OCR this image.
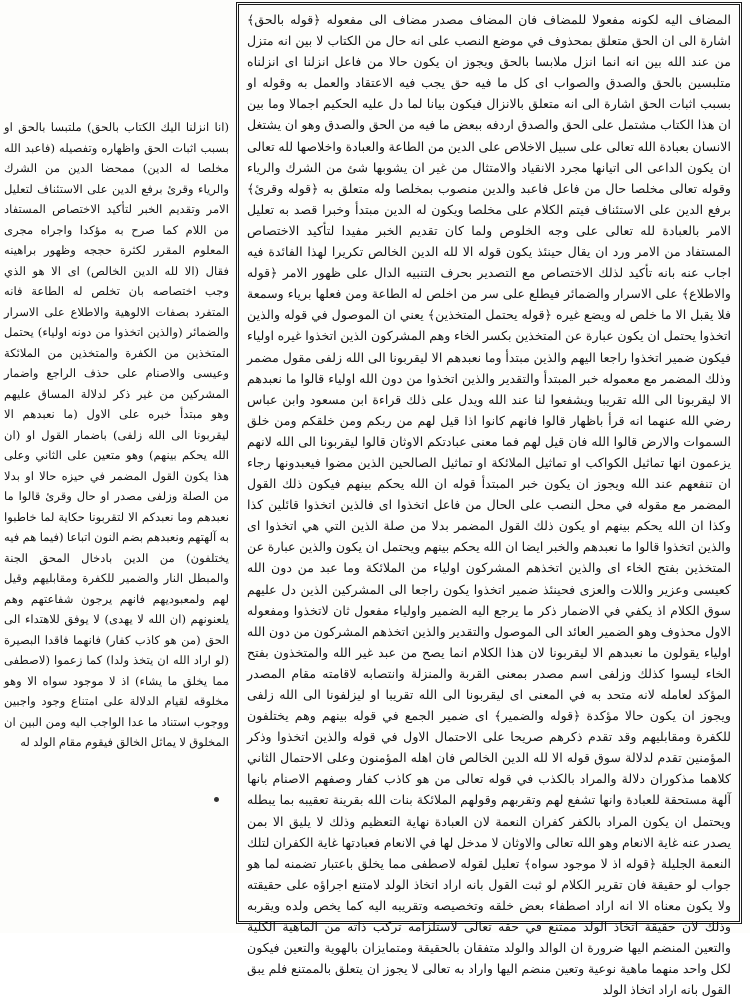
المضاف اليه لكونه مفعولا للمضاف فان المضاف مصدر مضاف الى مفعوله ﴿قوله بالحق﴾ اشارة الى ان الحق متعلق بمحذوف في موضع النصب على انه حال من الكتاب لا بين انه متزل من عند الله بين انه انما انزل ملابسا بالحق ويجوز ان يكون حالا من فاعل انزلنا اى انزلناه متلبسين بالحق والصدق والصواب اى كل ما فيه حق يجب فيه الاعتقاد والعمل به وقوله او بسبب اثبات الحق اشارة الى انه متعلق بالانزال فيكون بيانا لما دل عليه الحكيم اجمالا وما بين ان هذا الكتاب مشتمل على الحق والصدق اردفه ببعض ما فيه من الحق والصدق وهو ان يشتغل الانسان بعبادة الله تعالى على سبيل الاخلاص على الدين من الطاعة والعبادة واخلاصها لله تعالى ان يكون الداعى الى اتيانها مجرد الانقياد والامتثال من غير ان يشوبها شئ من الشرك والرياء وقوله تعالى مخلصا حال من فاعل فاعبد والدين منصوب بمخلصا وله متعلق به ﴿قوله وقرئ﴾ برفع الدين على الاستئناف فيتم الكلام على مخلصا ويكون له الدين مبتدأ وخبرا قصد به تعليل الامر بالعبادة لله تعالى على وجه الخلوص ولما كان تقديم الخبر مفيدا لتأكيد الاختصاص المستفاد من الامر ورد ان يقال حينئذ يكون قوله الا لله الدين الخالص تكريرا لهذا الفائدة فيه اجاب عنه بانه تأكيد لذلك الاختصاص مع التصدير بحرف التنبيه الدال على ظهور الامر ﴿قوله والاطلاع﴾ على الاسرار والضمائر فيطلع على سر من اخلص له الطاعة ومن فعلها برياء وسمعة فلا يقبل الا ما خلص له ويضع غيره ﴿قوله يحتمل المتخذين﴾ يعني ان الموصول في قوله والذين اتخذوا يحتمل ان يكون عبارة عن المتخذين بكسر الخاء وهم المشركون الذين اتخذوا غيره اولياء فيكون ضمير اتخذوا راجعا اليهم والذين مبتدأ وما نعبدهم الا ليقربونا الى الله زلفى مقول مضمر وذلك المضمر مع معموله خبر المبتدأ والتقدير والذين اتخذوا من دون الله اولياء قالوا ما نعبدهم الا ليقربونا الى الله تقريبا ويشفعوا لنا عند الله ويدل على ذلك قراءة ابن مسعود وابن عباس رضي الله عنهما انه قرأ باظهار قالوا فانهم كانوا اذا قيل لهم من ربكم ومن خلقكم ومن خلق السموات والارض قالوا الله فان قيل لهم فما معنى عبادتكم الاوثان قالوا ليقربونا الى الله لانهم يزعمون انها تماثيل الكواكب او تماثيل الملائكة او تماثيل الصالحين الذين مضوا فيعبدونها رجاء ان تنفعهم عند الله ويجوز ان يكون خبر المبتدأ قوله ان الله يحكم بينهم فيكون ذلك القول المضمر مع مقوله في محل النصب على الحال من فاعل اتخذوا اى فالذين اتخذوا قائلين كذا وكذا ان الله يحكم بينهم او يكون ذلك القول المضمر بدلا من صلة الذين التي هي اتخذوا اى والذين اتخذوا قالوا ما نعبدهم والخبر ايضا ان الله يحكم بينهم ويحتمل ان يكون والذين عبارة عن المتخذين بفتح الخاء اى والذين اتخذهم المشركون اولياء من الملائكة وما عبد من دون الله كعيسى وعزير واللات والعزى فحينئذ ضمير اتخذوا يكون راجعا الى المشركين الذين دل عليهم سوق الكلام اذ يكفي في الاضمار ذكر ما يرجع اليه الضمير واولياء مفعول ثان لاتخذوا ومفعوله الاول محذوف وهو الضمير العائد الى الموصول والتقدير والذين اتخذهم المشركون من دون الله اولياء يقولون ما نعبدهم الا ليقربونا لان هذا الكلام انما يصح من عبد غير الله والمتخذون بفتح الخاء ليسوا كذلك وزلفى اسم مصدر بمعنى القربة والمنزلة وانتصابه لاقامته مقام المصدر المؤكد لعامله لانه متحد به في المعنى اى ليقربونا الى الله تقريبا او ليزلفونا الى الله زلفى ويجوز ان يكون حالا مؤكدة ﴿قوله والضمير﴾ اى ضمير الجمع في قوله بينهم وهم يختلفون للكفرة ومقابليهم وقد تقدم ذكرهم صريحا على الاحتمال الاول في قوله والذين اتخذوا وذكر المؤمنين تقدم لدلالة سوق قوله الا لله الدين الخالص فان اهله المؤمنون وعلى الاحتمال الثاني كلاهما مذكوران دلالة والمراد بالكذب في قوله تعالى من هو كاذب كفار وصفهم الاصنام بانها آلهة مستحقة للعبادة وانها تشفع لهم وتقربهم وقولهم الملائكة بنات الله بقرينة تعقيبه بما يبطله ويحتمل ان يكون المراد بالكفر كفران النعمة لان العبادة نهاية التعظيم وذلك لا يليق الا بمن يصدر عنه غاية الانعام وهو الله تعالى والاوثان لا مدخل لها في الانعام فعبادتها غاية الكفران لتلك النعمة الجليلة ﴿قوله اذ لا موجود سواه﴾ تعليل لقوله لاصطفى مما يخلق باعتبار تضمنه لما هو جواب لو حقيقة فان تقرير الكلام لو ثبت القول بانه اراد اتخاذ الولد لامتنع اجراؤه على حقيقته ولا يكون معناه الا انه اراد اصطفاء بعض خلقه وتخصيصه وتقريبه اليه كما يخص ولده ويقربه وذلك لان حقيقة اتخاذ الولد ممتنع في حقه تعالى لاستلزامه تركب ذاته من الماهية الكلية والتعين المنضم اليها ضرورة ان الوالد والولد متفقان بالحقيقة ومتمايزان بالهوية والتعين فيكون لكل واحد منهما ماهية نوعية وتعين منضم اليها واراد به تعالى لا يجوز ان يتعلق بالممتنع فلم يبق القول بانه اراد اتخاذ الولد

(انا انزلنا اليك الكتاب بالحق) ملتبسا بالحق او بسبب اثبات الحق واظهاره وتفصيله (فاعبد الله مخلصا له الدين) ممحضا الدين من الشرك والرياء وقرئ برفع الدين على الاستئناف لتعليل الامر وتقديم الخبر لتأكيد الاختصاص المستفاد من اللام كما صرح به مؤكدا واجراه مجرى المعلوم المقرر لكثرة حججه وظهور براهينه فقال (الا لله الدين الخالص) اى الا هو الذي وجب اختصاصه بان تخلص له الطاعة فانه المتفرد بصفات الالوهية والاطلاع على الاسرار والضمائر (والذين اتخذوا من دونه اولياء) يحتمل المتخذين من الكفرة والمتخذين من الملائكة وعيسى والاصنام على حذف الراجع واضمار المشركين من غير ذكر لدلالة المساق عليهم وهو مبتدأ خبره على الاول (ما نعبدهم الا ليقربونا الى الله زلفى) باضمار القول او (ان الله يحكم بينهم) وهو متعين على الثاني وعلى هذا يكون القول المضمر في حيزه حالا او بدلا من الصلة وزلفى مصدر او حال وقرئ قالوا ما نعبدهم وما نعبدكم الا لتقربونا حكاية لما خاطبوا به آلهتهم ونعبدهم بضم النون اتباعا (فيما هم فيه يختلفون) من الدين بادخال المحق الجنة والمبطل النار والضمير للكفرة ومقابليهم وقيل لهم ولمعبوديهم فانهم يرجون شفاعتهم وهم يلعنونهم (ان الله لا يهدى) لا يوفق للاهتداء الى الحق (من هو كاذب كفار) فانهما فاقدا البصيرة (لو اراد الله ان يتخذ ولدا) كما زعموا (لاصطفى مما يخلق ما يشاء) اذ لا موجود سواه الا وهو مخلوقه لقيام الدلالة على امتناع وجود واجبين ووجوب استناد ما عدا الواجب اليه ومن البين ان المخلوق لا يماثل الخالق فيقوم مقام الولد له
